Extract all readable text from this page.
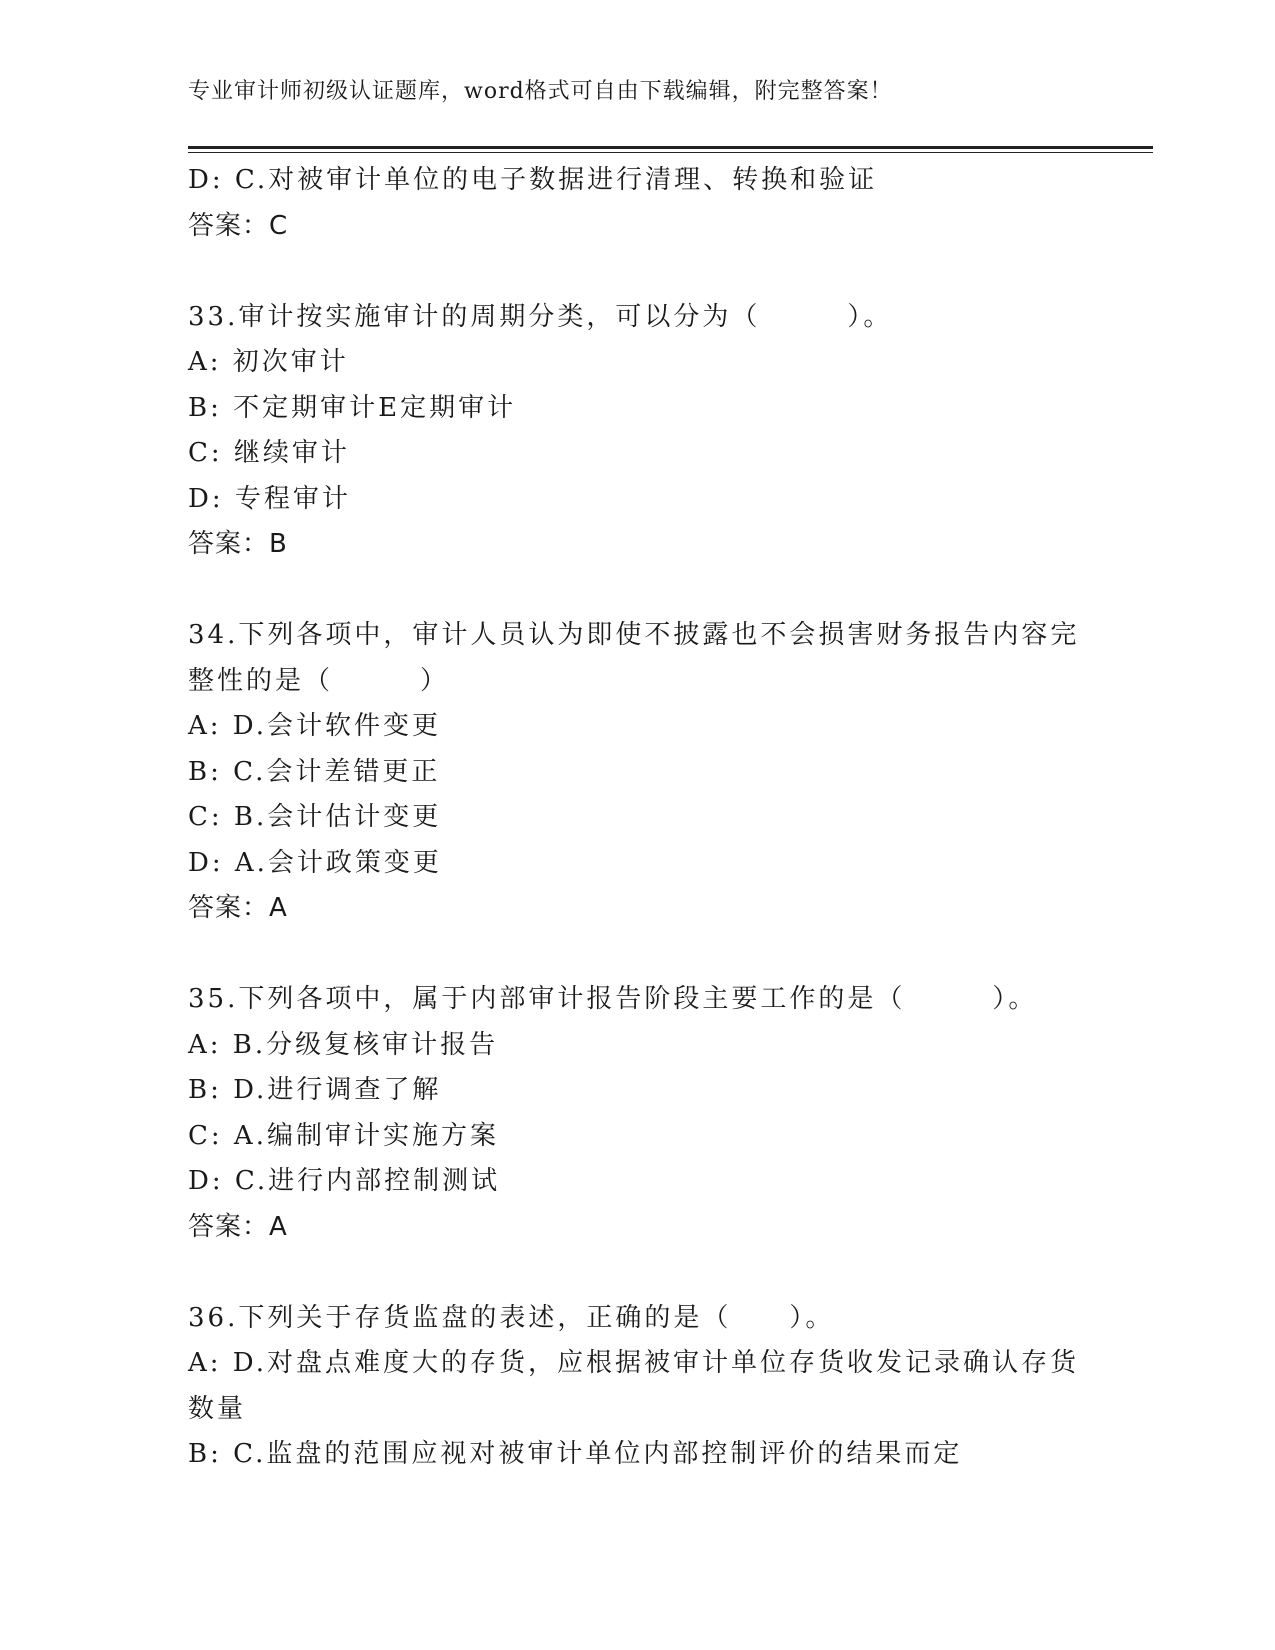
专业审计师初级认证题库，word格式可自由下载编辑，附完整答案！
D: C.对被审计单位的电子数据进行清理、转换和验证
答案：C
33.审计按实施审计的周期分类，可以分为（　　　）。
A: 初次审计
B: 不定期审计E定期审计
C: 继续审计
D: 专程审计
答案：B
34.下列各项中，审计人员认为即使不披露也不会损害财务报告内容完
整性的是（　　　）
A: D.会计软件变更
B: C.会计差错更正
C: B.会计估计变更
D: A.会计政策变更
答案：A
35.下列各项中，属于内部审计报告阶段主要工作的是（　　　）。
A: B.分级复核审计报告
B: D.进行调查了解
C: A.编制审计实施方案
D: C.进行内部控制测试
答案：A
36.下列关于存货监盘的表述，正确的是（　　）。
A: D.对盘点难度大的存货，应根据被审计单位存货收发记录确认存货
数量
B: C.监盘的范围应视对被审计单位内部控制评价的结果而定
